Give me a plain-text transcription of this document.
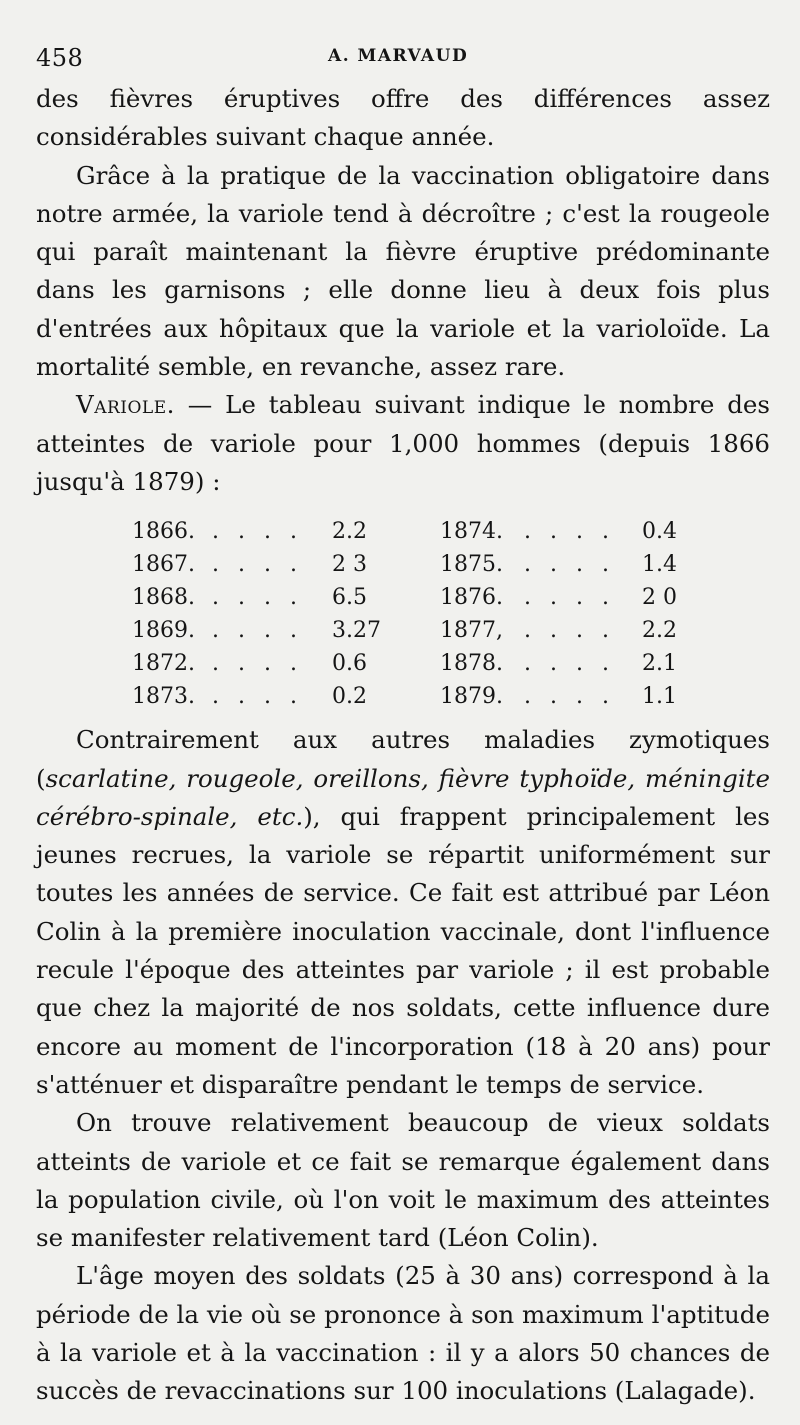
458	A. MARVAUD

des fièvres éruptives offre des différences assez considérables suivant chaque année.

Grâce à la pratique de la vaccination obligatoire dans notre armée, la variole tend à décroître ; c'est la rougeole qui paraît maintenant la fièvre éruptive prédominante dans les garnisons ; elle donne lieu à deux fois plus d'entrées aux hôpitaux que la variole et la varioloïde. La mortalité semble, en revanche, assez rare.

Variole. — Le tableau suivant indique le nombre des atteintes de variole pour 1,000 hommes (depuis 1866 jusqu'à 1879) :

1866. . . . . 2.2	1874. . . . . 0.4
1867. . . . . 2 3	1875. . . . . 1.4
1868. . . . . 6.5	1876. . . . . 2 0
1869. . . . . 3.27	1877, . . . . 2.2
1872. . . . . 0.6	1878. . . . . 2.1
1873. . . . . 0.2	1879. . . . . 1.1

Contrairement aux autres maladies zymotiques (scarlatine, rougeole, oreillons, fièvre typhoïde, méningite cérébro-spinale, etc.), qui frappent principalement les jeunes recrues, la variole se répartit uniformément sur toutes les années de service. Ce fait est attribué par Léon Colin à la première inoculation vaccinale, dont l'influence recule l'époque des atteintes par variole ; il est probable que chez la majorité de nos soldats, cette influence dure encore au moment de l'incorporation (18 à 20 ans) pour s'atténuer et disparaître pendant le temps de service.

On trouve relativement beaucoup de vieux soldats atteints de variole et ce fait se remarque également dans la population civile, où l'on voit le maximum des atteintes se manifester relativement tard (Léon Colin).

L'âge moyen des soldats (25 à 30 ans) correspond à la période de la vie où se prononce à son maximum l'aptitude à la variole et à la vaccination : il y a alors 50 chances de succès de revaccinations sur 100 inoculations (Lalagade).
